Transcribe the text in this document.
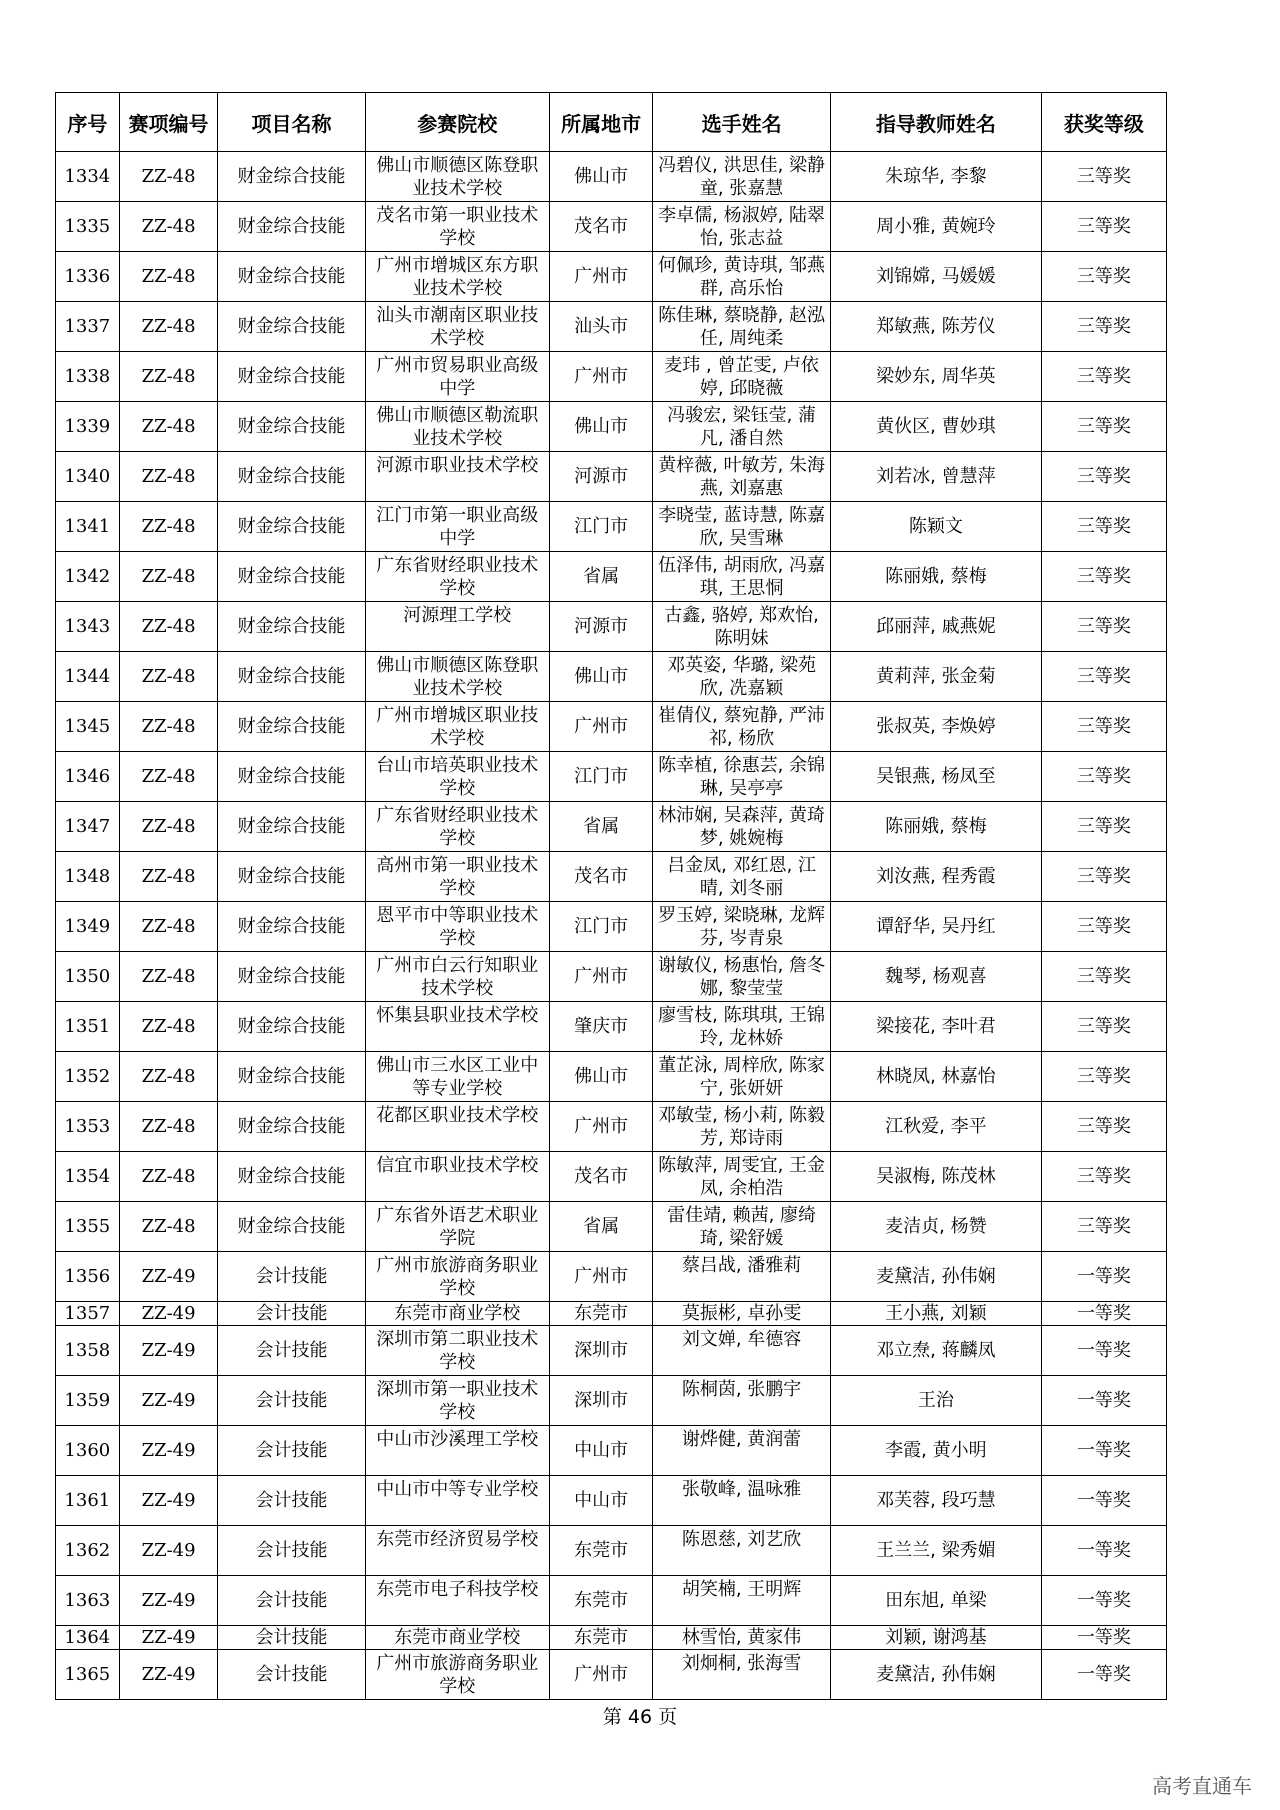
序号	赛项编号	项目名称	参赛院校	所属地市	选手姓名	指导教师姓名	获奖等级
1334	ZZ-48	财金综合技能	佛山市顺德区陈登职业技术学校	佛山市	冯碧仪, 洪思佳, 梁静童, 张嘉慧	朱琼华, 李黎	三等奖
1335	ZZ-48	财金综合技能	茂名市第一职业技术学校	茂名市	李卓儒, 杨淑婷, 陆翠怡, 张志益	周小雅, 黄婉玲	三等奖
1336	ZZ-48	财金综合技能	广州市增城区东方职业技术学校	广州市	何佩珍, 黄诗琪, 邹燕群, 高乐怡	刘锦嫦, 马媛媛	三等奖
1337	ZZ-48	财金综合技能	汕头市潮南区职业技术学校	汕头市	陈佳琳, 蔡晓静, 赵泓任, 周纯柔	郑敏燕, 陈芳仪	三等奖
1338	ZZ-48	财金综合技能	广州市贸易职业高级中学	广州市	麦玮 , 曾芷雯, 卢依婷, 邱晓薇	梁妙东, 周华英	三等奖
1339	ZZ-48	财金综合技能	佛山市顺德区勒流职业技术学校	佛山市	冯骏宏, 梁钰莹, 蒲凡, 潘自然	黄伙区, 曹妙琪	三等奖
1340	ZZ-48	财金综合技能	河源市职业技术学校	河源市	黄梓薇, 叶敏芳, 朱海燕, 刘嘉惠	刘若冰, 曾慧萍	三等奖
1341	ZZ-48	财金综合技能	江门市第一职业高级中学	江门市	李晓莹, 蓝诗慧, 陈嘉欣, 吴雪琳	陈颖文	三等奖
1342	ZZ-48	财金综合技能	广东省财经职业技术学校	省属	伍泽伟, 胡雨欣, 冯嘉琪, 王思恫	陈丽娥, 蔡梅	三等奖
1343	ZZ-48	财金综合技能	河源理工学校	河源市	古鑫, 骆婷, 郑欢怡, 陈明妹	邱丽萍, 戚燕妮	三等奖
1344	ZZ-48	财金综合技能	佛山市顺德区陈登职业技术学校	佛山市	邓英姿, 华璐, 梁苑欣, 冼嘉颖	黄莉萍, 张金菊	三等奖
1345	ZZ-48	财金综合技能	广州市增城区职业技术学校	广州市	崔倩仪, 蔡宛静, 严沛祁, 杨欣	张叔英, 李焕婷	三等奖
1346	ZZ-48	财金综合技能	台山市培英职业技术学校	江门市	陈幸植, 徐惠芸, 余锦琳, 吴亭亭	吴银燕, 杨凤至	三等奖
1347	ZZ-48	财金综合技能	广东省财经职业技术学校	省属	林沛娴, 吴森萍, 黄琦梦, 姚婉梅	陈丽娥, 蔡梅	三等奖
1348	ZZ-48	财金综合技能	高州市第一职业技术学校	茂名市	吕金凤, 邓红恩, 江晴, 刘冬丽	刘汝燕, 程秀霞	三等奖
1349	ZZ-48	财金综合技能	恩平市中等职业技术学校	江门市	罗玉婷, 梁晓琳, 龙辉芬, 岑青泉	谭舒华, 吴丹红	三等奖
1350	ZZ-48	财金综合技能	广州市白云行知职业技术学校	广州市	谢敏仪, 杨惠怡, 詹冬娜, 黎莹莹	魏琴, 杨观喜	三等奖
1351	ZZ-48	财金综合技能	怀集县职业技术学校	肇庆市	廖雪枝, 陈琪琪, 王锦玲, 龙林娇	梁接花, 李叶君	三等奖
1352	ZZ-48	财金综合技能	佛山市三水区工业中等专业学校	佛山市	董芷泳, 周梓欣, 陈家宁, 张妍妍	林晓凤, 林嘉怡	三等奖
1353	ZZ-48	财金综合技能	花都区职业技术学校	广州市	邓敏莹, 杨小莉, 陈毅芳, 郑诗雨	江秋爱, 李平	三等奖
1354	ZZ-48	财金综合技能	信宜市职业技术学校	茂名市	陈敏萍, 周雯宜, 王金凤, 余柏浩	吴淑梅, 陈茂林	三等奖
1355	ZZ-48	财金综合技能	广东省外语艺术职业学院	省属	雷佳靖, 赖茜, 廖绮琦, 梁舒媛	麦洁贞, 杨赞	三等奖
1356	ZZ-49	会计技能	广州市旅游商务职业学校	广州市	蔡吕战, 潘雅莉	麦黛洁, 孙伟娴	一等奖
1357	ZZ-49	会计技能	东莞市商业学校	东莞市	莫振彬, 卓孙雯	王小燕, 刘颖	一等奖
1358	ZZ-49	会计技能	深圳市第二职业技术学校	深圳市	刘文婵, 牟德容	邓立焘, 蒋麟凤	一等奖
1359	ZZ-49	会计技能	深圳市第一职业技术学校	深圳市	陈桐茵, 张鹏宇	王治	一等奖
1360	ZZ-49	会计技能	中山市沙溪理工学校	中山市	谢烨健, 黄润蕾	李霞, 黄小明	一等奖
1361	ZZ-49	会计技能	中山市中等专业学校	中山市	张敬峰, 温咏雅	邓芙蓉, 段巧慧	一等奖
1362	ZZ-49	会计技能	东莞市经济贸易学校	东莞市	陈恩慈, 刘艺欣	王兰兰, 梁秀媚	一等奖
1363	ZZ-49	会计技能	东莞市电子科技学校	东莞市	胡笑楠, 王明辉	田东旭, 单梁	一等奖
1364	ZZ-49	会计技能	东莞市商业学校	东莞市	林雪怡, 黄家伟	刘颖, 谢鸿基	一等奖
1365	ZZ-49	会计技能	广州市旅游商务职业学校	广州市	刘炯桐, 张海雪	麦黛洁, 孙伟娴	一等奖
第 46 页
高考直通车
